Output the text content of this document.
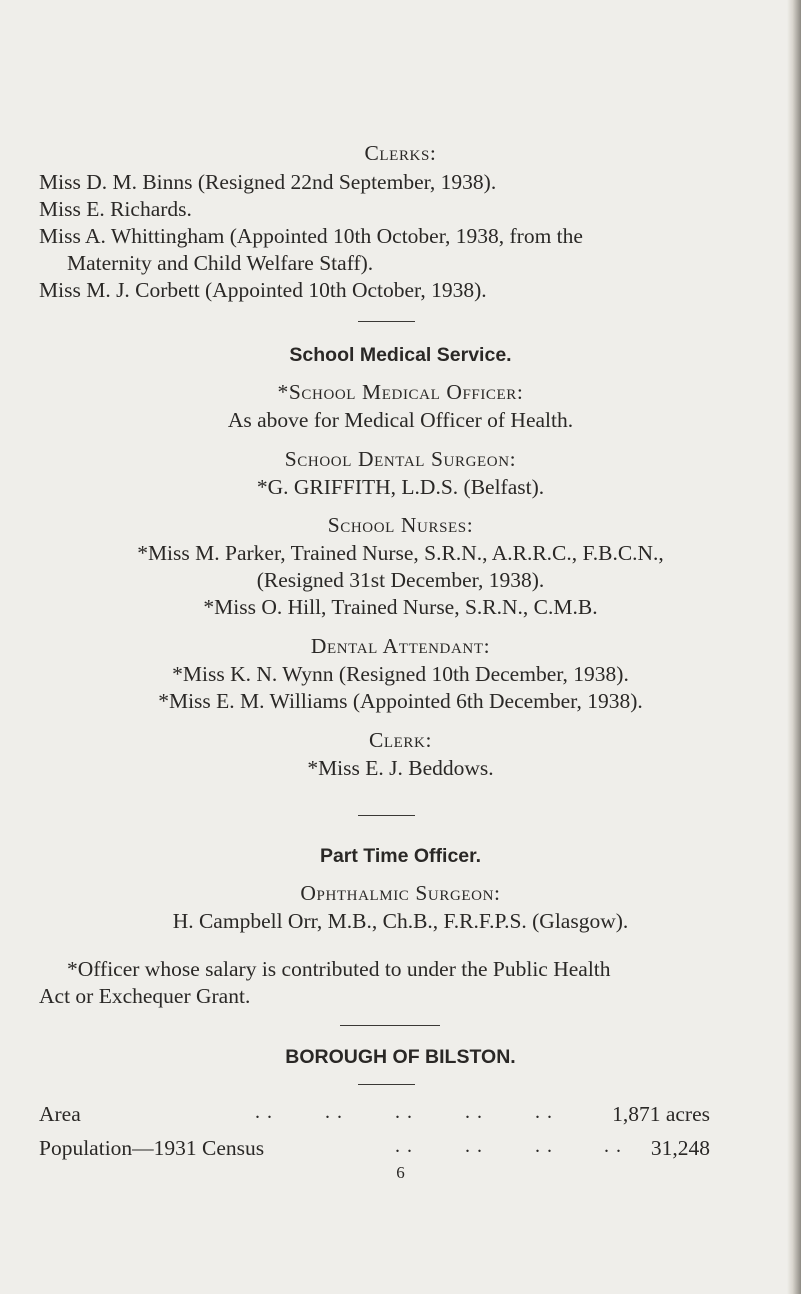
Clerks:
Miss D. M. Binns (Resigned 22nd September, 1938).
Miss E. Richards.
Miss A. Whittingham (Appointed 10th October, 1938, from the
Maternity and Child Welfare Staff).
Miss M. J. Corbett (Appointed 10th October, 1938).
School Medical Service.
*School Medical Officer:
As above for Medical Officer of Health.
School Dental Surgeon:
*G. GRIFFITH, L.D.S. (Belfast).
School Nurses:
*Miss M. Parker, Trained Nurse, S.R.N., A.R.R.C., F.B.C.N.,
(Resigned 31st December, 1938).
*Miss O. Hill, Trained Nurse, S.R.N., C.M.B.
Dental Attendant:
*Miss K. N. Wynn (Resigned 10th December, 1938).
*Miss E. M. Williams (Appointed 6th December, 1938).
Clerk:
*Miss E. J. Beddows.
Part Time Officer.
Ophthalmic Surgeon:
H. Campbell Orr, M.B., Ch.B., F.R.F.P.S. (Glasgow).
*Officer whose salary is contributed to under the Public Health
Act or Exchequer Grant.
BOROUGH OF BILSTON.
Area	. .	. .	. .	. .	. .	1,871 acres
Population—1931 Census	. .	. .	. .	. . 31,248
6
